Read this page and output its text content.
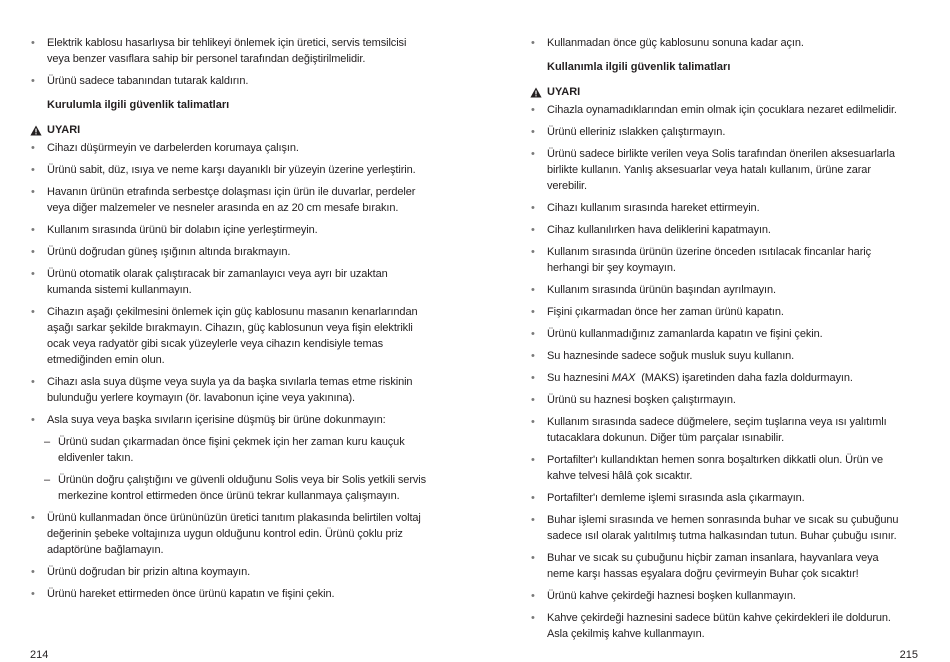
• Elektrik kablosu hasarlıysa bir tehlikeyi önlemek için üretici, servis temsilcisi veya benzer vasıflara sahip bir personel tarafından değiştirilmelidir.
• Ürünü sadece tabanından tutarak kaldırın.
Kurulumla ilgili güvenlik talimatları
UYARI
• Cihazı düşürmeyin ve darbelerden korumaya çalışın.
• Ürünü sabit, düz, ısıya ve neme karşı dayanıklı bir yüzeyin üzerine yerleştirin.
• Havanın ürünün etrafında serbestçe dolaşması için ürün ile duvarlar, perdeler veya diğer malzemeler ve nesneler arasında en az 20 cm mesafe bırakın.
• Kullanım sırasında ürünü bir dolabın içine yerleştirmeyin.
• Ürünü doğrudan güneş ışığının altında bırakmayın.
• Ürünü otomatik olarak çalıştıracak bir zamanlayıcı veya ayrı bir uzaktan kumanda sistemi kullanmayın.
• Cihazın aşağı çekilmesini önlemek için güç kablosunu masanın kenarlarından aşağı sarkar şekilde bırakmayın. Cihazın, güç kablosunun veya fişin elektrikli ocak veya radyatör gibi sıcak yüzeylerle veya cihazın kendisiyle temas etmediğinden emin olun.
• Cihazı asla suya düşme veya suyla ya da başka sıvılarla temas etme riskinin bulunduğu yerlere koymayın (ör. lavabonun içine veya yakınına).
• Asla suya veya başka sıvıların içerisine düşmüş bir ürüne dokunmayın:
– Ürünü sudan çıkarmadan önce fişini çekmek için her zaman kuru kauçuk eldivenler takın.
– Ürünün doğru çalıştığını ve güvenli olduğunu Solis veya bir Solis yetkili servis merkezine kontrol ettirmeden önce ürünü tekrar kullanmaya çalışmayın.
• Ürünü kullanmadan önce ürününüzün üretici tanıtım plakasında belirtilen voltaj değerinin şebeke voltajınıza uygun olduğunu kontrol edin. Ürünü çoklu priz adaptörüne bağlamayın.
• Ürünü doğrudan bir prizin altına koymayın.
• Ürünü hareket ettirmeden önce ürünü kapatın ve fişini çekin.
214
• Kullanmadan önce güç kablosunu sonuna kadar açın.
Kullanımla ilgili güvenlik talimatları
UYARI
• Cihazla oynamadıklarından emin olmak için çocuklara nezaret edilmelidir.
• Ürünü elleriniz ıslakken çalıştırmayın.
• Ürünü sadece birlikte verilen veya Solis tarafından önerilen aksesuarlarla birlikte kullanın. Yanlış aksesuarlar veya hatalı kullanım, ürüne zarar verebilir.
• Cihazı kullanım sırasında hareket ettirmeyin.
• Cihaz kullanılırken hava deliklerini kapatmayın.
• Kullanım sırasında ürünün üzerine önceden ısıtılacak fincanlar hariç herhangi bir şey koymayın.
• Kullanım sırasında ürünün başından ayrılmayın.
• Fişini çıkarmadan önce her zaman ürünü kapatın.
• Ürünü kullanmadığınız zamanlarda kapatın ve fişini çekin.
• Su haznesinde sadece soğuk musluk suyu kullanın.
• Su haznesini MAX  (MAKS) işaretinden daha fazla doldurmayın.
• Ürünü su haznesi boşken çalıştırmayın.
• Kullanım sırasında sadece düğmelere, seçim tuşlarına veya ısı yalıtımlı tutacaklara dokunun. Diğer tüm parçalar ısınabilir.
• Portafilter'ı kullandıktan hemen sonra boşaltırken dikkatli olun. Ürün ve kahve telvesi hâlâ çok sıcaktır.
• Portafilter'ı demleme işlemi sırasında asla çıkarmayın.
• Buhar işlemi sırasında ve hemen sonrasında buhar ve sıcak su çubuğunu sadece ısıl olarak yalıtılmış tutma halkasından tutun. Buhar çubuğu ısınır.
• Buhar ve sıcak su çubuğunu hiçbir zaman insanlara, hayvanlara veya neme karşı hassas eşyalara doğru çevirmeyin Buhar çok sıcaktır!
• Ürünü kahve çekirdeği haznesi boşken kullanmayın.
• Kahve çekirdeği haznesini sadece bütün kahve çekirdekleri ile doldurun. Asla çekilmiş kahve kullanmayın.
215
